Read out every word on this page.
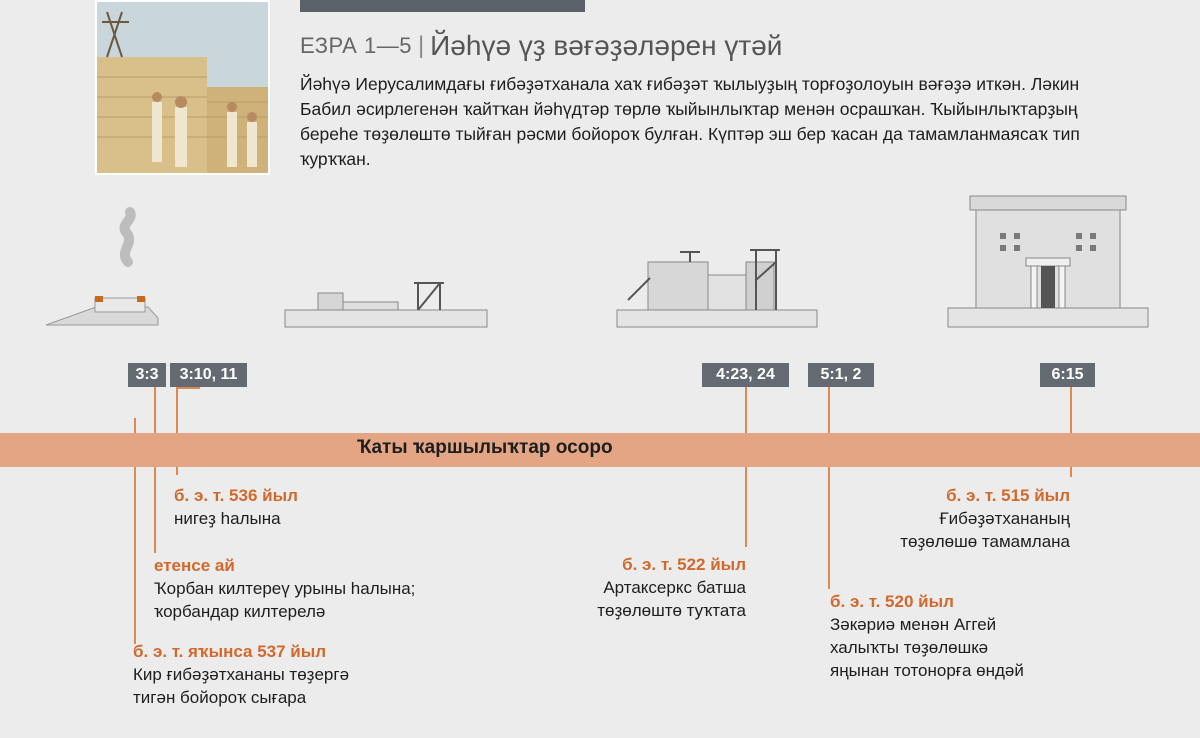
ЕЗРА 1—5 | Йәһүә үҙ вәғәҙәләрен үтәй
Йәһүә Иерусалимдағы ғибәҙәтханала хаҡ ғибәҙәт ҡылыуҙың торғоҙолоуын вәғәҙә иткән. Ләкин Бабил әсирлегенән ҡайтҡан йәһүдтәр төрлө ҡыйынлыҡтар менән осрашҡан. Ҡыйынлыҡтарҙың береһе төҙөлөштө тыйған рәсми бойороҡ булған. Күптәр эш бер ҡасан да тамамланмаясаҡ тип ҡурҡҡан.
3:3	3:10, 11	4:23, 24	5:1, 2	6:15
Ҡаты ҡаршылыҡтар осоро
б. э. т. 536 йыл
нигеҙ һалына
етенсе ай
Ҡорбан килтереү урыны һалына;
ҡорбандар килтерелә
б. э. т. яҡынса 537 йыл
Кир ғибәҙәтхананы төҙергә
тигән бойороҡ сығара
б. э. т. 522 йыл
Артаксеркс батша
төҙөлөштө туҡтата	б. э. т. 520 йыл
Зәкәриә менән Аггей
халыҡты төҙөлөшкә
яңынан тотонорға өндәй
б. э. т. 515 йыл
Ғибәҙәтхананың
төҙөлөшө тамамлана
